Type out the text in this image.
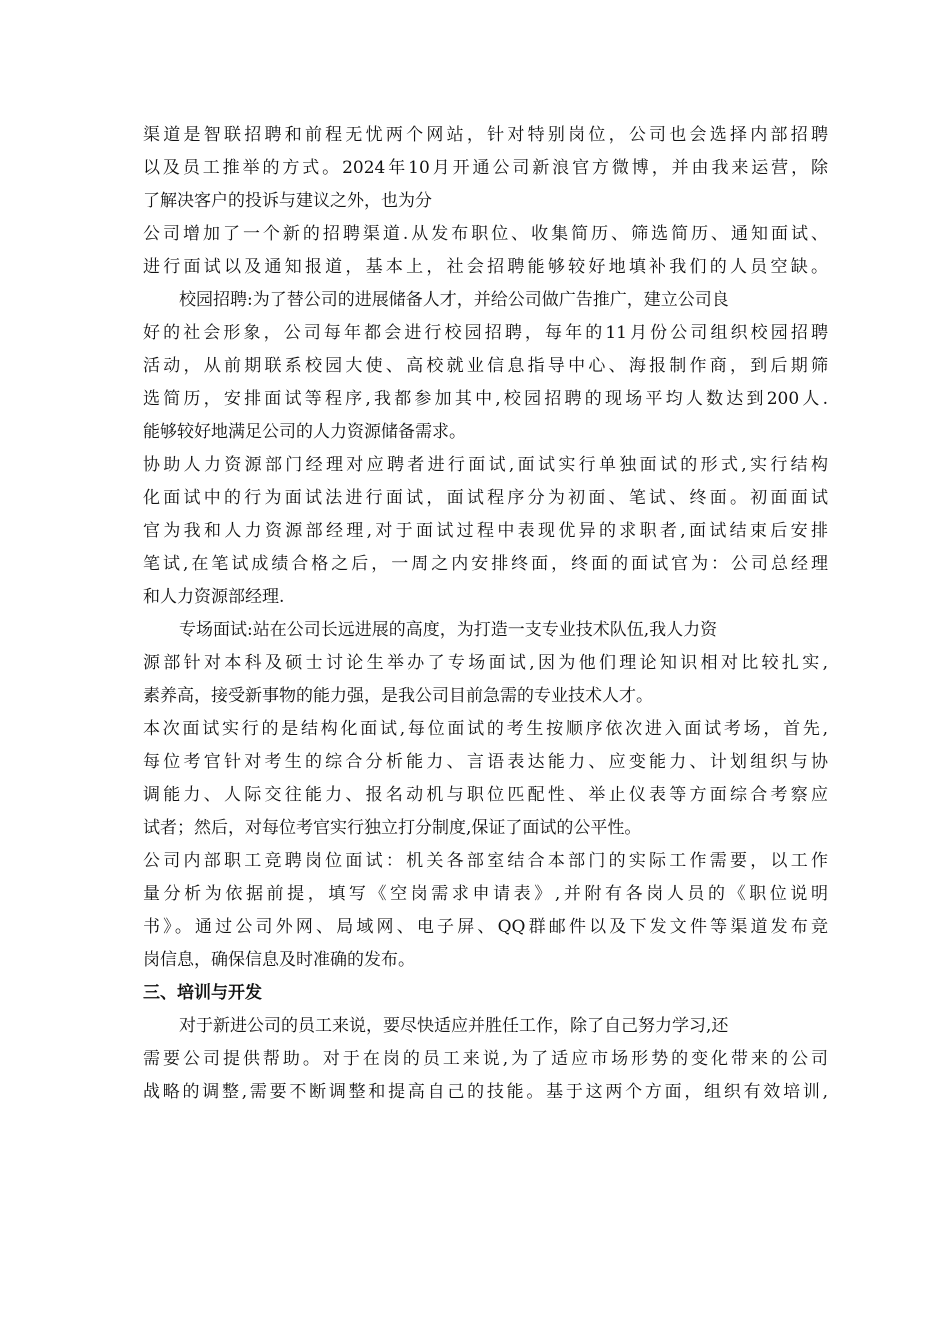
渠道是智联招聘和前程无忧两个网站，针对特别岗位，公司也会选择内部招聘
以及员工推举的方式。2024年10月开通公司新浪官方微博，并由我来运营，除
了解决客户的投诉与建议之外，也为分
公司增加了一个新的招聘渠道.从发布职位、收集简历、筛选简历、通知面试、
进行面试以及通知报道，基本上，社会招聘能够较好地填补我们的人员空缺。
校园招聘:为了替公司的进展储备人才，并给公司做广告推广，建立公司良
好的社会形象，公司每年都会进行校园招聘，每年的11月份公司组织校园招聘
活动，从前期联系校园大使、高校就业信息指导中心、海报制作商，到后期筛
选简历，安排面试等程序,我都参加其中,校园招聘的现场平均人数达到200人.
能够较好地满足公司的人力资源储备需求。
协助人力资源部门经理对应聘者进行面试,面试实行单独面试的形式,实行结构
化面试中的行为面试法进行面试，面试程序分为初面、笔试、终面。初面面试
官为我和人力资源部经理,对于面试过程中表现优异的求职者,面试结束后安排
笔试,在笔试成绩合格之后，一周之内安排终面，终面的面试官为：公司总经理
和人力资源部经理.
专场面试:站在公司长远进展的高度，为打造一支专业技术队伍,我人力资
源部针对本科及硕士讨论生举办了专场面试,因为他们理论知识相对比较扎实,
素养高，接受新事物的能力强，是我公司目前急需的专业技术人才。
本次面试实行的是结构化面试,每位面试的考生按顺序依次进入面试考场，首先,
每位考官针对考生的综合分析能力、言语表达能力、应变能力、计划组织与协
调能力、人际交往能力、报名动机与职位匹配性、举止仪表等方面综合考察应
试者；然后，对每位考官实行独立打分制度,保证了面试的公平性。
公司内部职工竞聘岗位面试：机关各部室结合本部门的实际工作需要，以工作
量分析为依据前提，填写《空岗需求申请表》,并附有各岗人员的《职位说明
书》。通过公司外网、局域网、电子屏、QQ群邮件以及下发文件等渠道发布竞
岗信息，确保信息及时准确的发布。
三、培训与开发
对于新进公司的员工来说，要尽快适应并胜任工作，除了自己努力学习,还
需要公司提供帮助。对于在岗的员工来说,为了适应市场形势的变化带来的公司
战略的调整,需要不断调整和提高自己的技能。基于这两个方面，组织有效培训,
